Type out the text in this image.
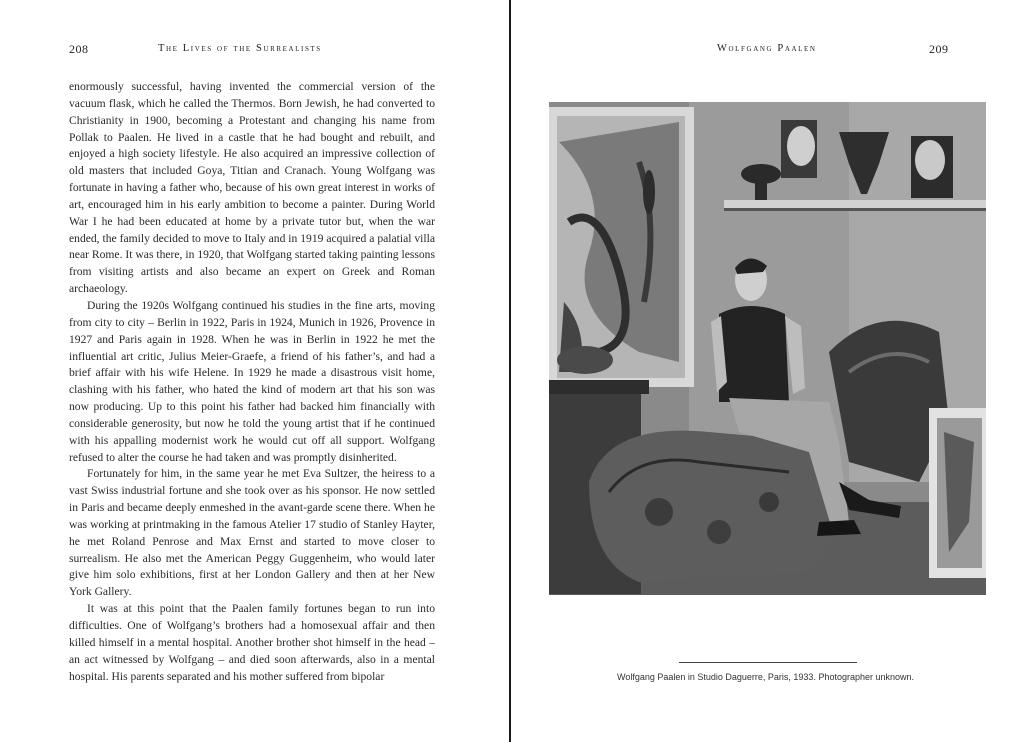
208	The Lives of the Surrealists

enormously successful, having invented the commercial version of the vacuum flask, which he called the Thermos. Born Jewish, he had converted to Christianity in 1900, becoming a Protestant and changing his name from Pollak to Paalen. He lived in a castle that he had bought and rebuilt, and enjoyed a high society lifestyle. He also acquired an impressive collection of old masters that included Goya, Titian and Cranach. Young Wolfgang was fortunate in having a father who, because of his own great interest in works of art, encouraged him in his early ambition to become a painter. During World War I he had been educated at home by a private tutor but, when the war ended, the family decided to move to Italy and in 1919 acquired a palatial villa near Rome. It was there, in 1920, that Wolfgang started taking painting lessons from visiting artists and also became an expert on Greek and Roman archaeology.

During the 1920s Wolfgang continued his studies in the fine arts, moving from city to city – Berlin in 1922, Paris in 1924, Munich in 1926, Provence in 1927 and Paris again in 1928. When he was in Berlin in 1922 he met the influential art critic, Julius Meier-Graefe, a friend of his father’s, and had a brief affair with his wife Helene. In 1929 he made a disastrous visit home, clashing with his father, who hated the kind of modern art that his son was now producing. Up to this point his father had backed him financially with considerable generosity, but now he told the young artist that if he continued with his appalling modernist work he would cut off all support. Wolfgang refused to alter the course he had taken and was promptly disinherited.

Fortunately for him, in the same year he met Eva Sultzer, the heiress to a vast Swiss industrial fortune and she took over as his sponsor. He now settled in Paris and became deeply enmeshed in the avant-garde scene there. When he was working at printmaking in the famous Atelier 17 studio of Stanley Hayter, he met Roland Penrose and Max Ernst and started to move closer to surrealism. He also met the American Peggy Guggenheim, who would later give him solo exhibitions, first at her London Gallery and then at her New York Gallery.

It was at this point that the Paalen family fortunes began to run into difficulties. One of Wolfgang’s brothers had a homosexual affair and then killed himself in a mental hospital. Another brother shot himself in the head – an act witnessed by Wolfgang – and died soon afterwards, also in a mental hospital. His parents separated and his mother suffered from bipolar

Wolfgang Paalen	209
Wolfgang Paalen in Studio Daguerre, Paris, 1933. Photographer unknown.
